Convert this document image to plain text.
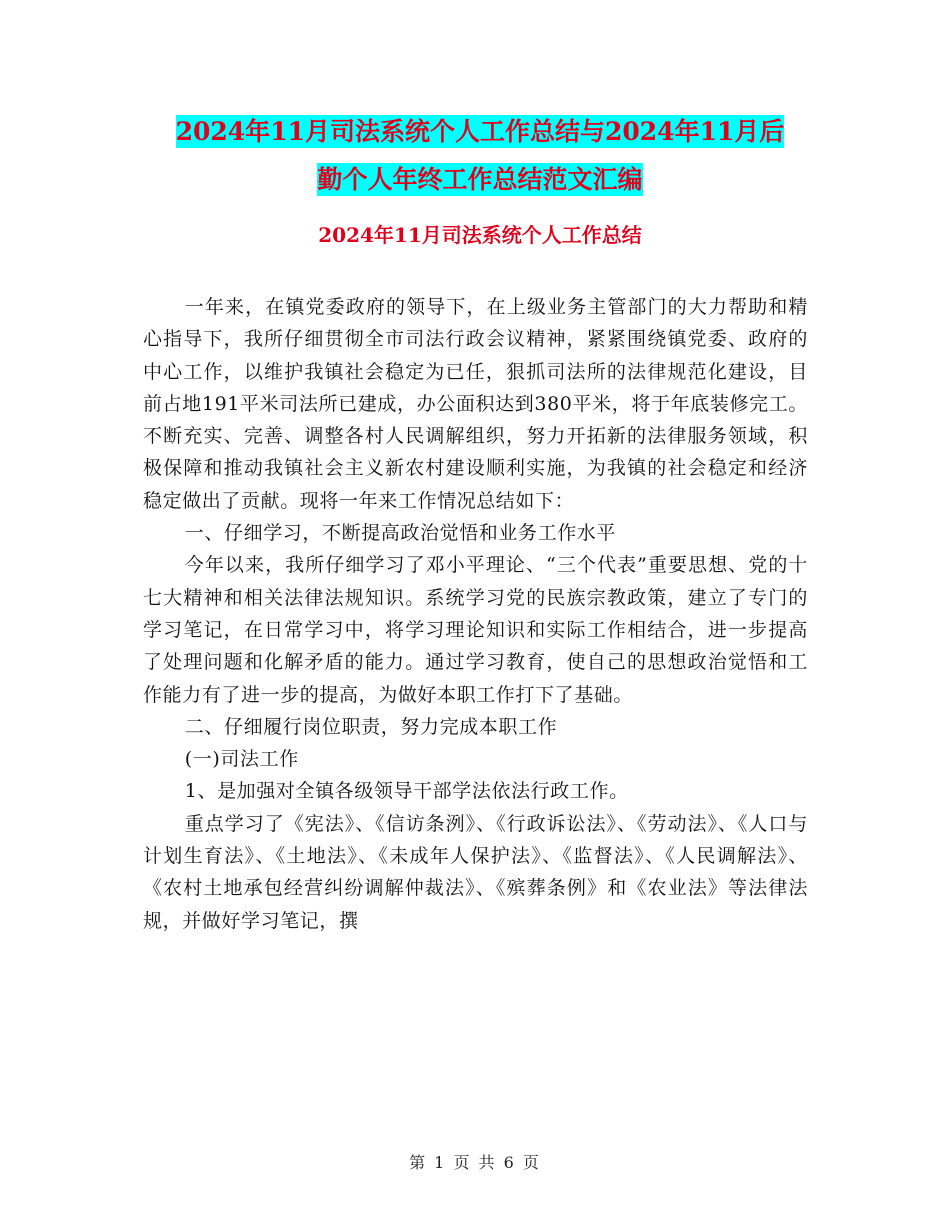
2024年11月司法系统个人工作总结与2024年11月后
勤个人年终工作总结范文汇编
2024年11月司法系统个人工作总结

一年来，在镇党委政府的领导下，在上级业务主管部门的大力帮助和精心指导下，我所仔细贯彻全市司法行政会议精神，紧紧围绕镇党委、政府的中心工作，以维护我镇社会稳定为已任，狠抓司法所的法律规范化建设，目前占地191平米司法所已建成，办公面积达到380平米，将于年底装修完工。不断充实、完善、调整各村人民调解组织，努力开拓新的法律服务领域，积极保障和推动我镇社会主义新农村建设顺利实施，为我镇的社会稳定和经济稳定做出了贡献。现将一年来工作情况总结如下：

一、仔细学习，不断提高政治觉悟和业务工作水平

今年以来，我所仔细学习了邓小平理论、“三个代表”重要思想、党的十七大精神和相关法律法规知识。系统学习党的民族宗教政策，建立了专门的学习笔记，在日常学习中，将学习理论知识和实际工作相结合，进一步提高了处理问题和化解矛盾的能力。通过学习教育，使自己的思想政治觉悟和工作能力有了进一步的提高，为做好本职工作打下了基础。

二、仔细履行岗位职责，努力完成本职工作

(一)司法工作

1、是加强对全镇各级领导干部学法依法行政工作。

重点学习了《宪法》、《信访条洌》、《行政诉讼法》、《劳动法》、《人口与计划生育法》、《土地法》、《未成年人保护法》、《监督法》、《人民调解法》、《农村土地承包经营纠纷调解仲裁法》、《殡葬条例》和《农业法》等法律法规，并做好学习笔记，撰

第 1 页 共 6 页
